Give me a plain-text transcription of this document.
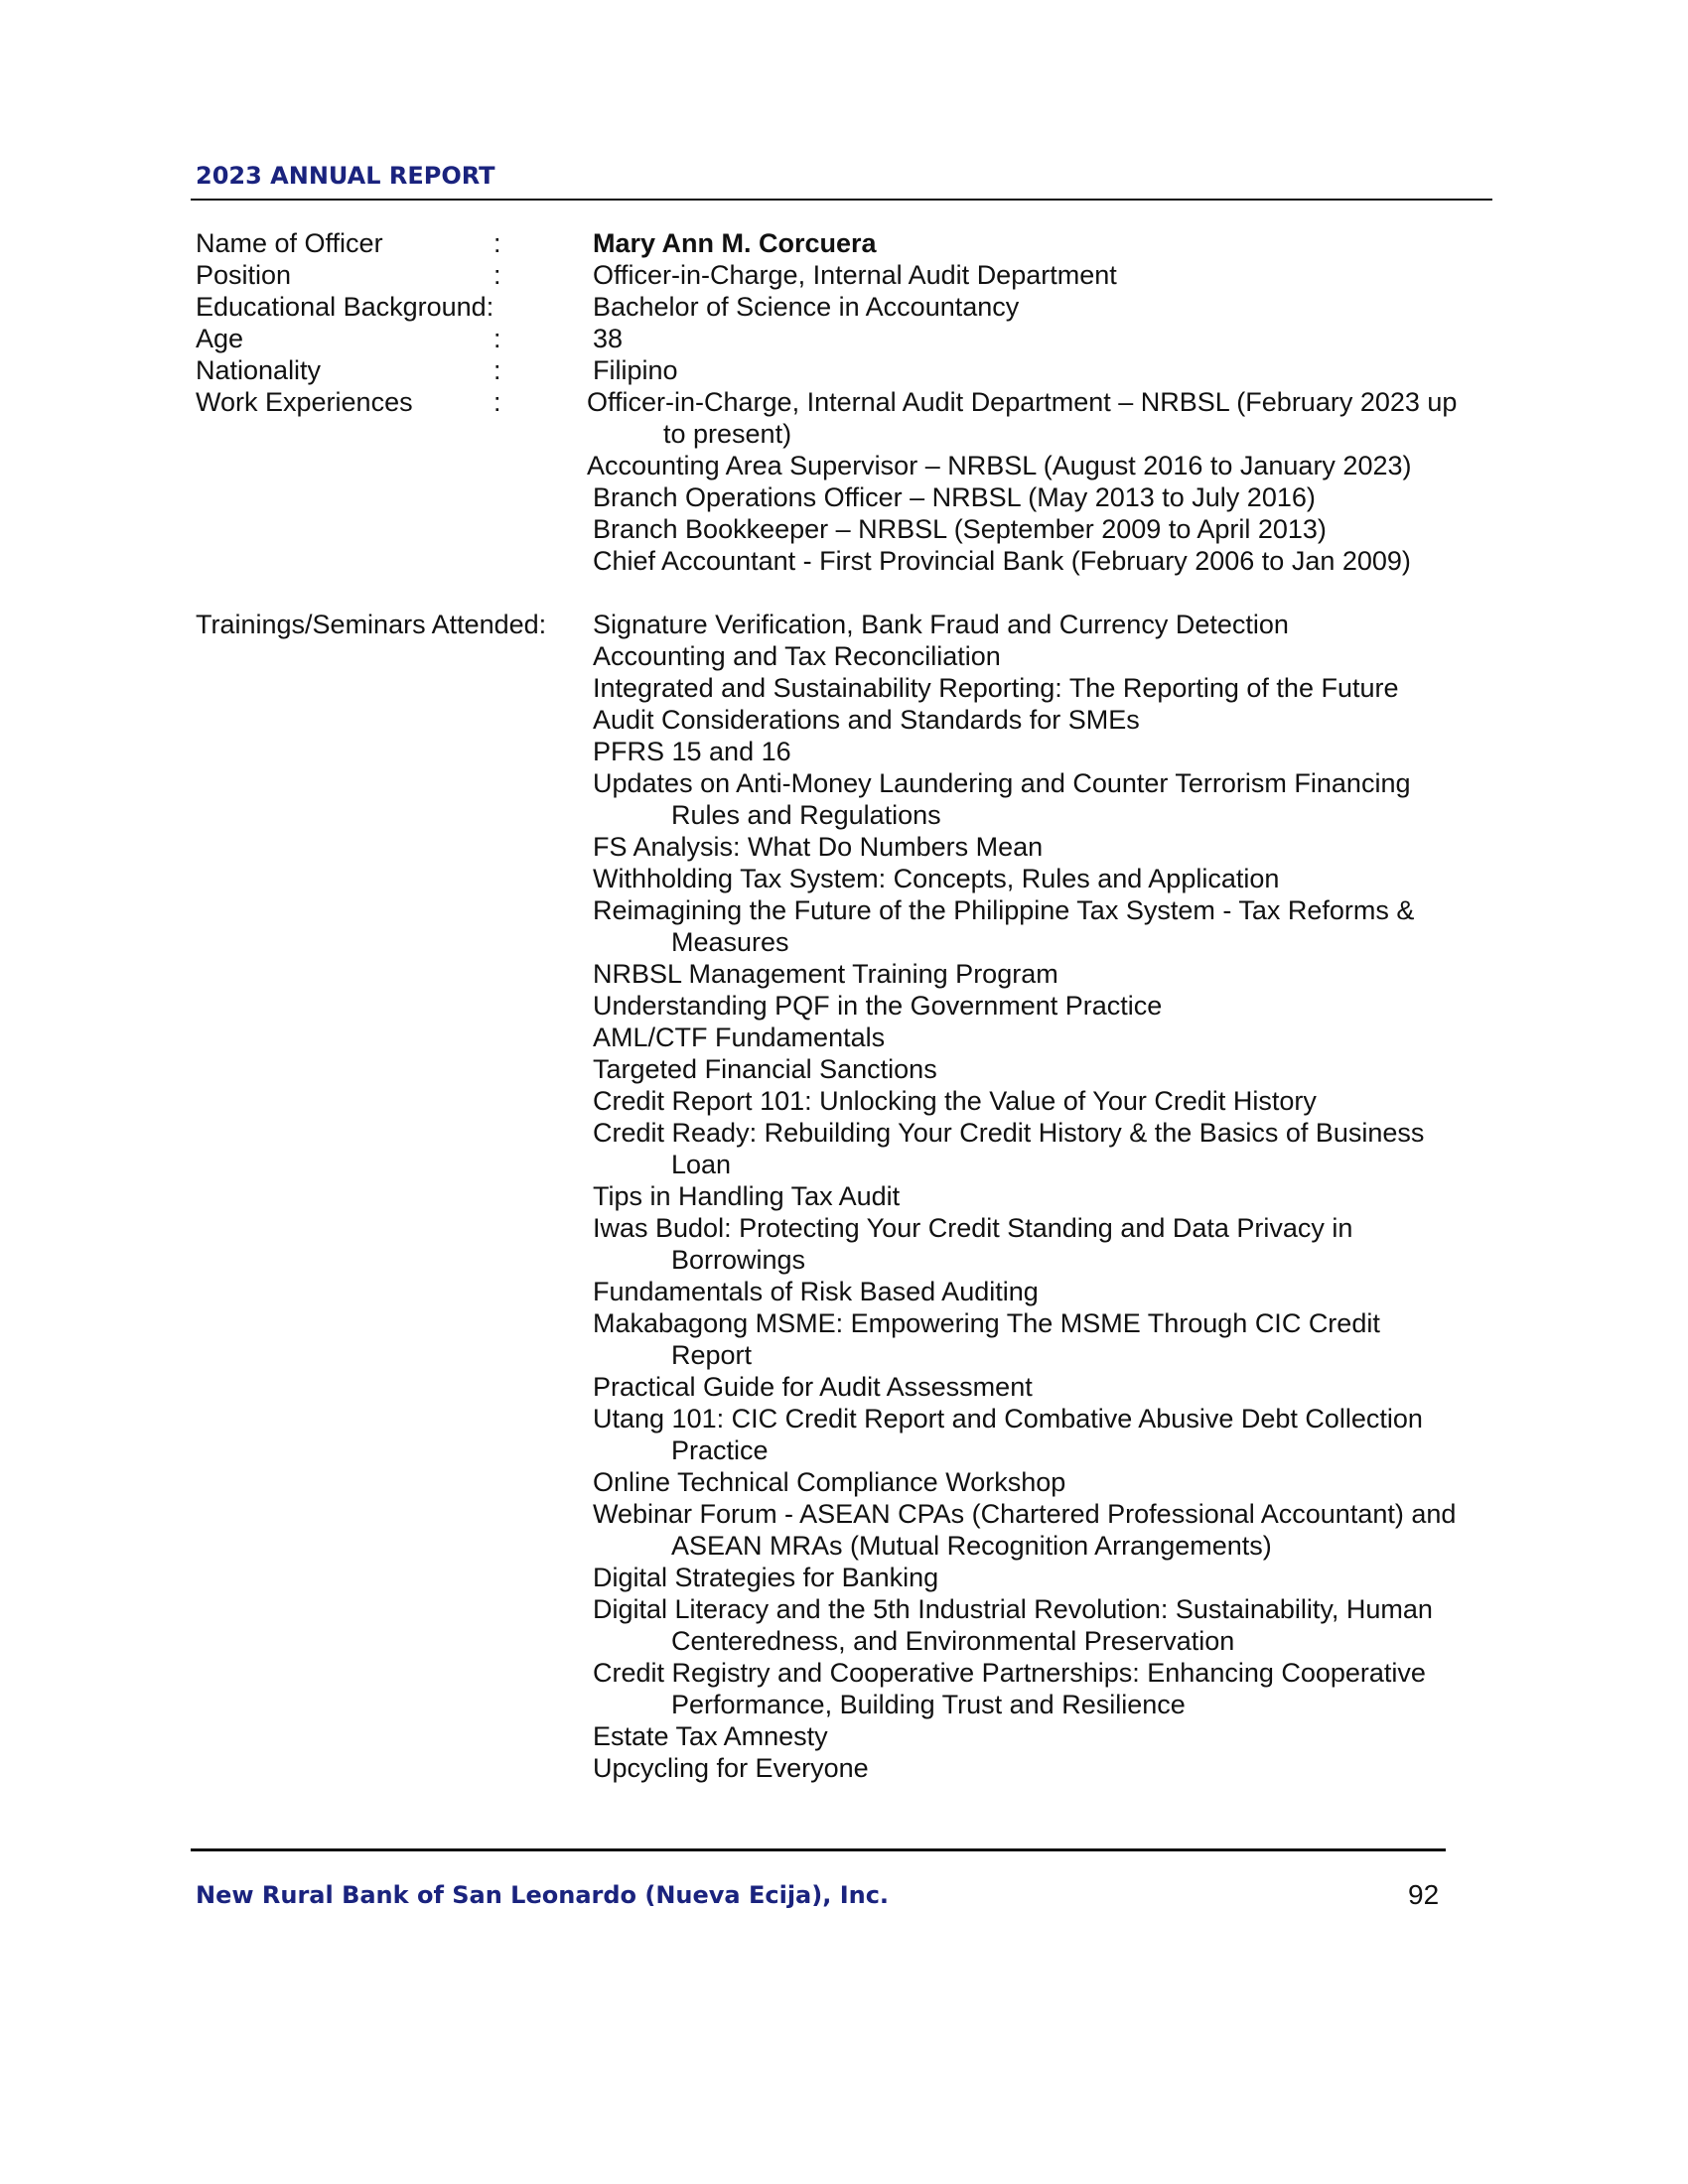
2023 ANNUAL REPORT
Name of Officer	:	Mary Ann M. Corcuera
Position	:	Officer-in-Charge, Internal Audit Department
Educational Background:	Bachelor of Science in Accountancy
Age	:	38
Nationality	:	Filipino
Work Experiences	:	Officer-in-Charge, Internal Audit Department – NRBSL (February 2023 up
to present)
Accounting Area Supervisor – NRBSL (August 2016 to January 2023)
Branch Operations Officer – NRBSL (May 2013 to July 2016)
Branch Bookkeeper – NRBSL (September 2009 to April 2013)
Chief Accountant - First Provincial Bank (February 2006 to Jan 2009)
Trainings/Seminars Attended: Signature Verification, Bank Fraud and Currency Detection
Accounting and Tax Reconciliation
Integrated and Sustainability Reporting: The Reporting of the Future
Audit Considerations and Standards for SMEs
PFRS 15 and 16
Updates on Anti-Money Laundering and Counter Terrorism Financing
Rules and Regulations
FS Analysis: What Do Numbers Mean
Withholding Tax System: Concepts, Rules and Application
Reimagining the Future of the Philippine Tax System - Tax Reforms &
Measures
NRBSL Management Training Program
Understanding PQF in the Government Practice
AML/CTF Fundamentals
Targeted Financial Sanctions
Credit Report 101: Unlocking the Value of Your Credit History
Credit Ready: Rebuilding Your Credit History & the Basics of Business
Loan
Tips in Handling Tax Audit
Iwas Budol: Protecting Your Credit Standing and Data Privacy in
Borrowings
Fundamentals of Risk Based Auditing
Makabagong MSME: Empowering The MSME Through CIC Credit
Report
Practical Guide for Audit Assessment
Utang 101: CIC Credit Report and Combative Abusive Debt Collection
Practice
Online Technical Compliance Workshop
Webinar Forum - ASEAN CPAs (Chartered Professional Accountant) and
ASEAN MRAs (Mutual Recognition Arrangements)
Digital Strategies for Banking
Digital Literacy and the 5th Industrial Revolution: Sustainability, Human
Centeredness, and Environmental Preservation
Credit Registry and Cooperative Partnerships: Enhancing Cooperative
Performance, Building Trust and Resilience
Estate Tax Amnesty
Upcycling for Everyone
New Rural Bank of San Leonardo (Nueva Ecija), Inc.	92
